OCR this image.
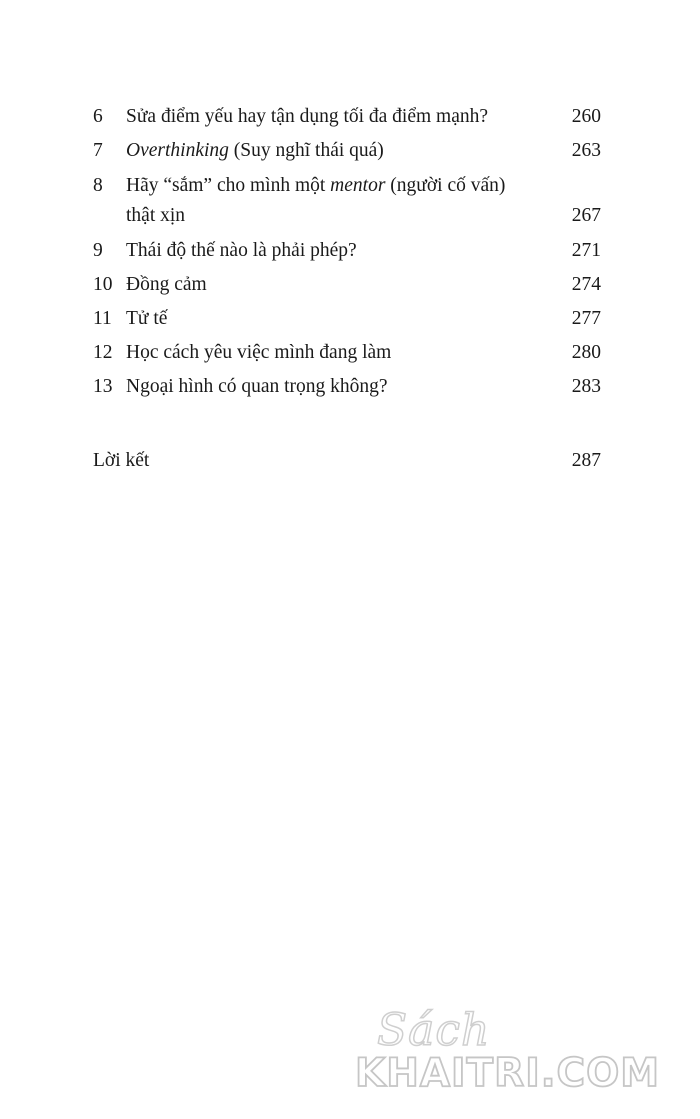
6 Sửa điểm yếu hay tận dụng tối đa điểm mạnh?	260
7 Overthinking (Suy nghĩ thái quá)	263
8 Hãy “sắm” cho mình một mentor (người cố vấn)
thật xịn	267
9 Thái độ thế nào là phải phép?	271
10 Đồng cảm	274
11 Tử tế	277
12 Học cách yêu việc mình đang làm	280
13 Ngoại hình có quan trọng không?	283
Lời kết	287
Sách
KHAITRI.COM
